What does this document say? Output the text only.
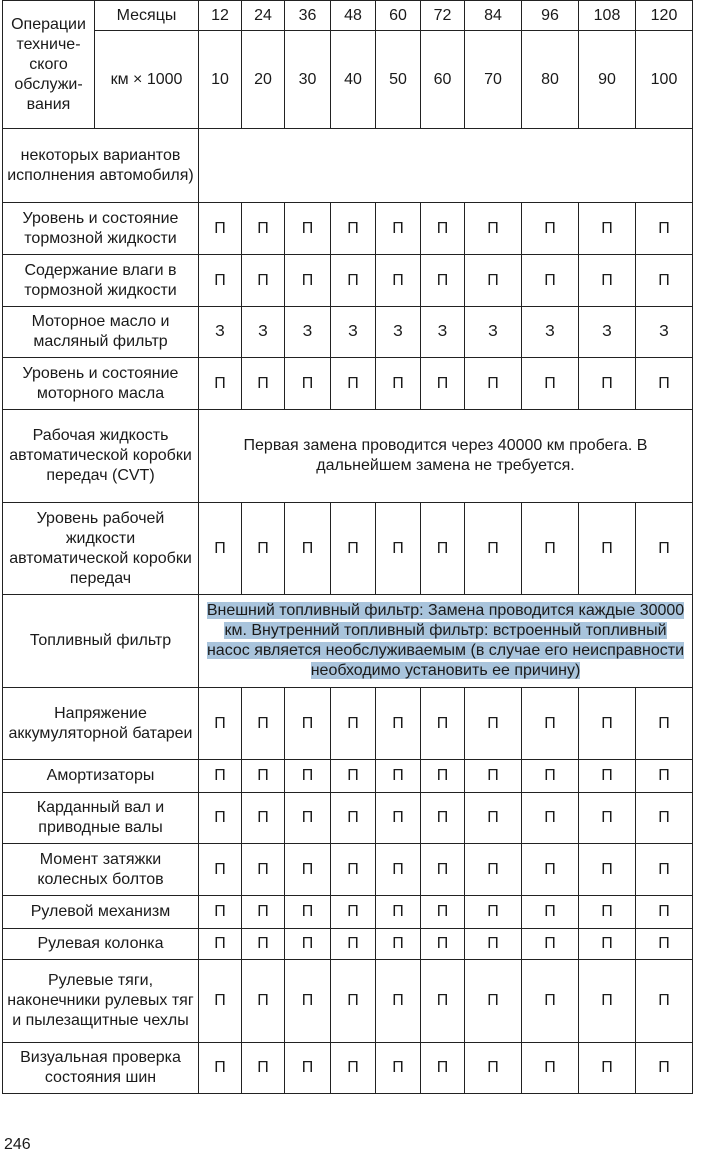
Операции техниче-ского обслужи-вания	Месяцы	12	24	36	48	60	72	84	96	108	120
	км × 1000	10	20	30	40	50	60	70	80	90	100
некоторых вариантов исполнения автомобиля)											
Уровень и состояние тормозной жидкости		П	П	П	П	П	П	П	П	П	П
Содержание влаги в тормозной жидкости		П	П	П	П	П	П	П	П	П	П
Моторное масло и масляный фильтр		З	З	З	З	З	З	З	З	З	З
Уровень и состояние моторного масла		П	П	П	П	П	П	П	П	П	П
Рабочая жидкость автоматической коробки передач (CVT)		Первая замена проводится через 40000 км пробега. В дальнейшем замена не требуется.									
Уровень рабочей жидкости автоматической коробки передач		П	П	П	П	П	П	П	П	П	П
Топливный фильтр		Внешний топливный фильтр: Замена проводится каждые 30000 км. Внутренний топливный фильтр: встроенный топливный насос является необслуживаемым (в случае его неисправности необходимо установить ее причину)									
Напряжение аккумуляторной батареи		П	П	П	П	П	П	П	П	П	П
Амортизаторы		П	П	П	П	П	П	П	П	П	П
Карданный вал и приводные валы		П	П	П	П	П	П	П	П	П	П
Момент затяжки колесных болтов		П	П	П	П	П	П	П	П	П	П
Рулевой механизм		П	П	П	П	П	П	П	П	П	П
Рулевая колонка		П	П	П	П	П	П	П	П	П	П
Рулевые тяги, наконечники рулевых тяг и пылезащитные чехлы		П	П	П	П	П	П	П	П	П	П
Визуальная проверка состояния шин		П	П	П	П	П	П	П	П	П	П
246
